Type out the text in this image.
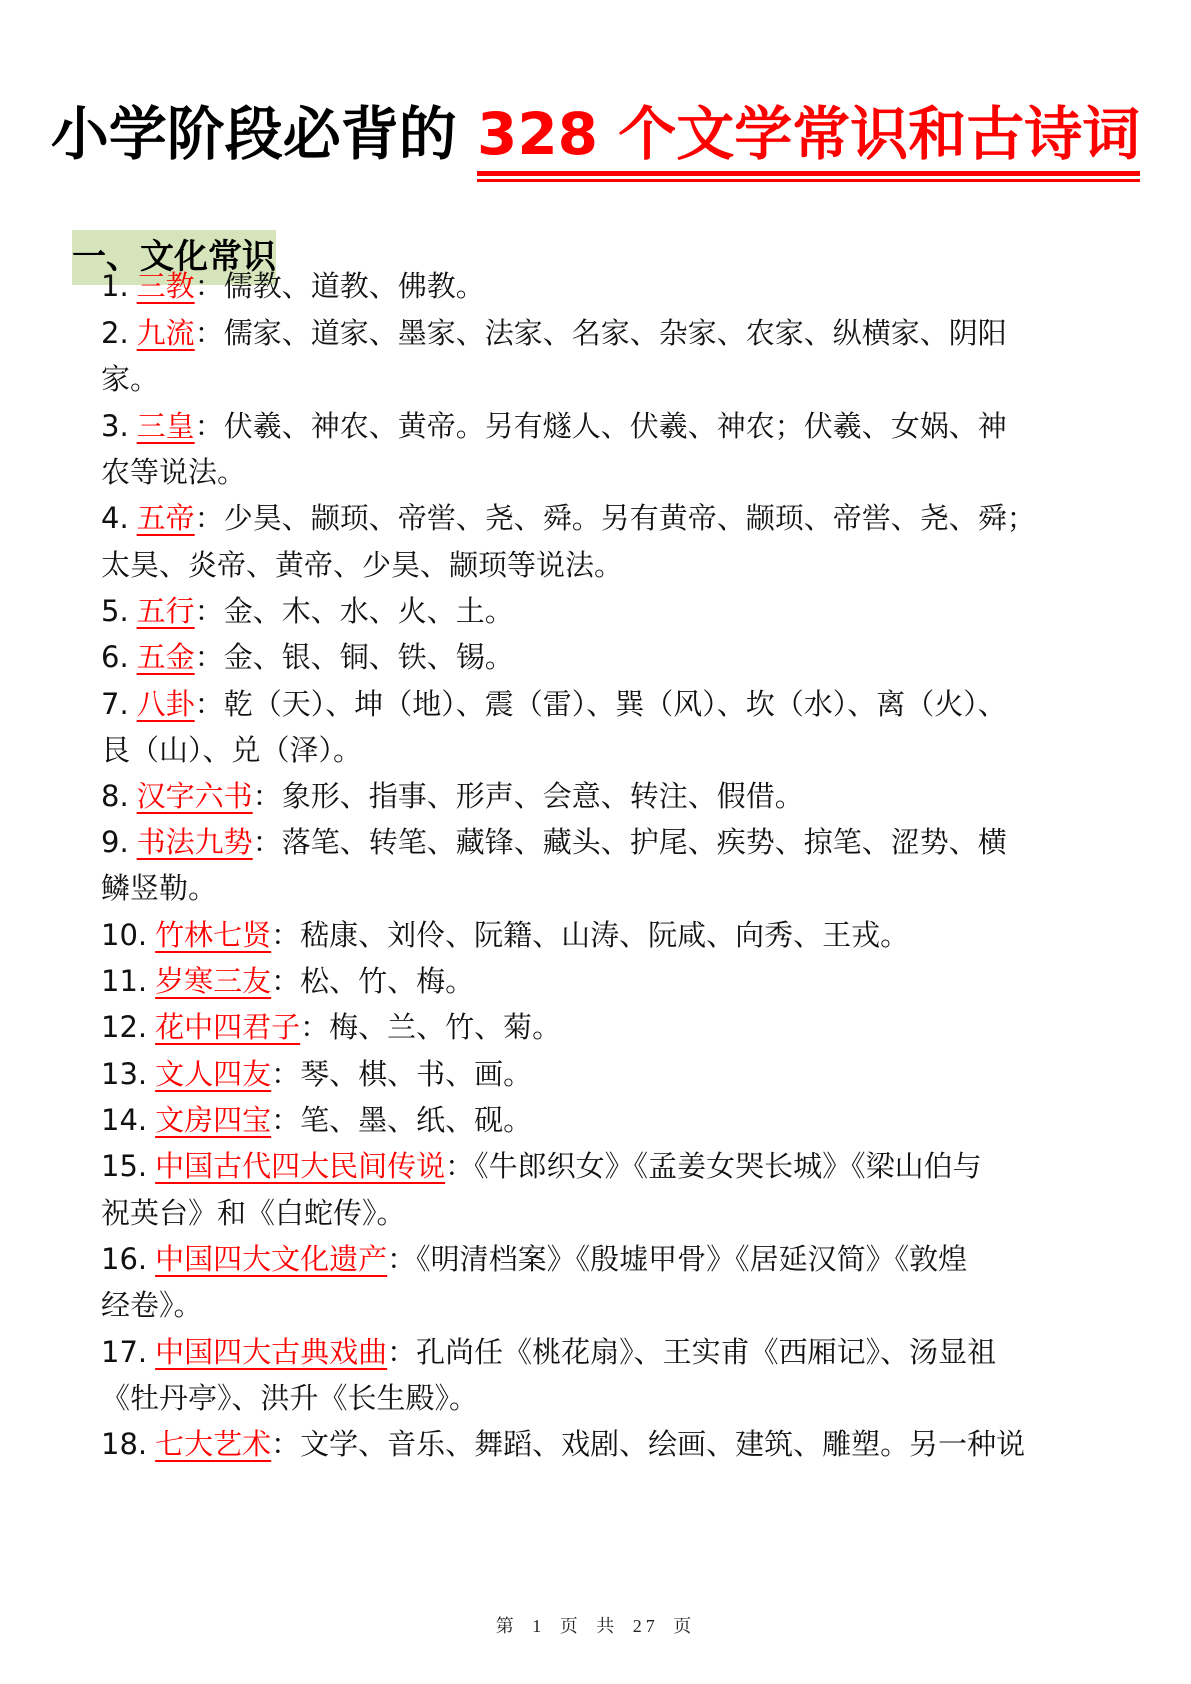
小学阶段必背的 328 个文学常识和古诗词
一、文化常识
1. 三教：儒教、道教、佛教。
2. 九流：儒家、道家、墨家、法家、名家、杂家、农家、纵横家、阴阳
家。
3. 三皇：伏羲、神农、黄帝。另有燧人、伏羲、神农；伏羲、女娲、神
农等说法。
4. 五帝：少昊、颛顼、帝喾、尧、舜。另有黄帝、颛顼、帝喾、尧、舜；
太昊、炎帝、黄帝、少昊、颛顼等说法。
5. 五行：金、木、水、火、土。
6. 五金：金、银、铜、铁、锡。
7. 八卦：乾（天）、坤（地）、震（雷）、巽（风）、坎（水）、离（火）、
艮（山）、兑（泽）。
8. 汉字六书：象形、指事、形声、会意、转注、假借。
9. 书法九势：落笔、转笔、藏锋、藏头、护尾、疾势、掠笔、涩势、横
鳞竖勒。
10. 竹林七贤：嵇康、刘伶、阮籍、山涛、阮咸、向秀、王戎。
11. 岁寒三友：松、竹、梅。
12. 花中四君子：梅、兰、竹、菊。
13. 文人四友：琴、棋、书、画。
14. 文房四宝：笔、墨、纸、砚。
15. 中国古代四大民间传说：《牛郎织女》《孟姜女哭长城》《梁山伯与
祝英台》和《白蛇传》。
16. 中国四大文化遗产：《明清档案》《殷墟甲骨》《居延汉简》《敦煌
经卷》。
17. 中国四大古典戏曲：孔尚任《桃花扇》、王实甫《西厢记》、汤显祖
《牡丹亭》、洪升《长生殿》。
18. 七大艺术：文学、音乐、舞蹈、戏剧、绘画、建筑、雕塑。另一种说
第 1 页 共 27 页
